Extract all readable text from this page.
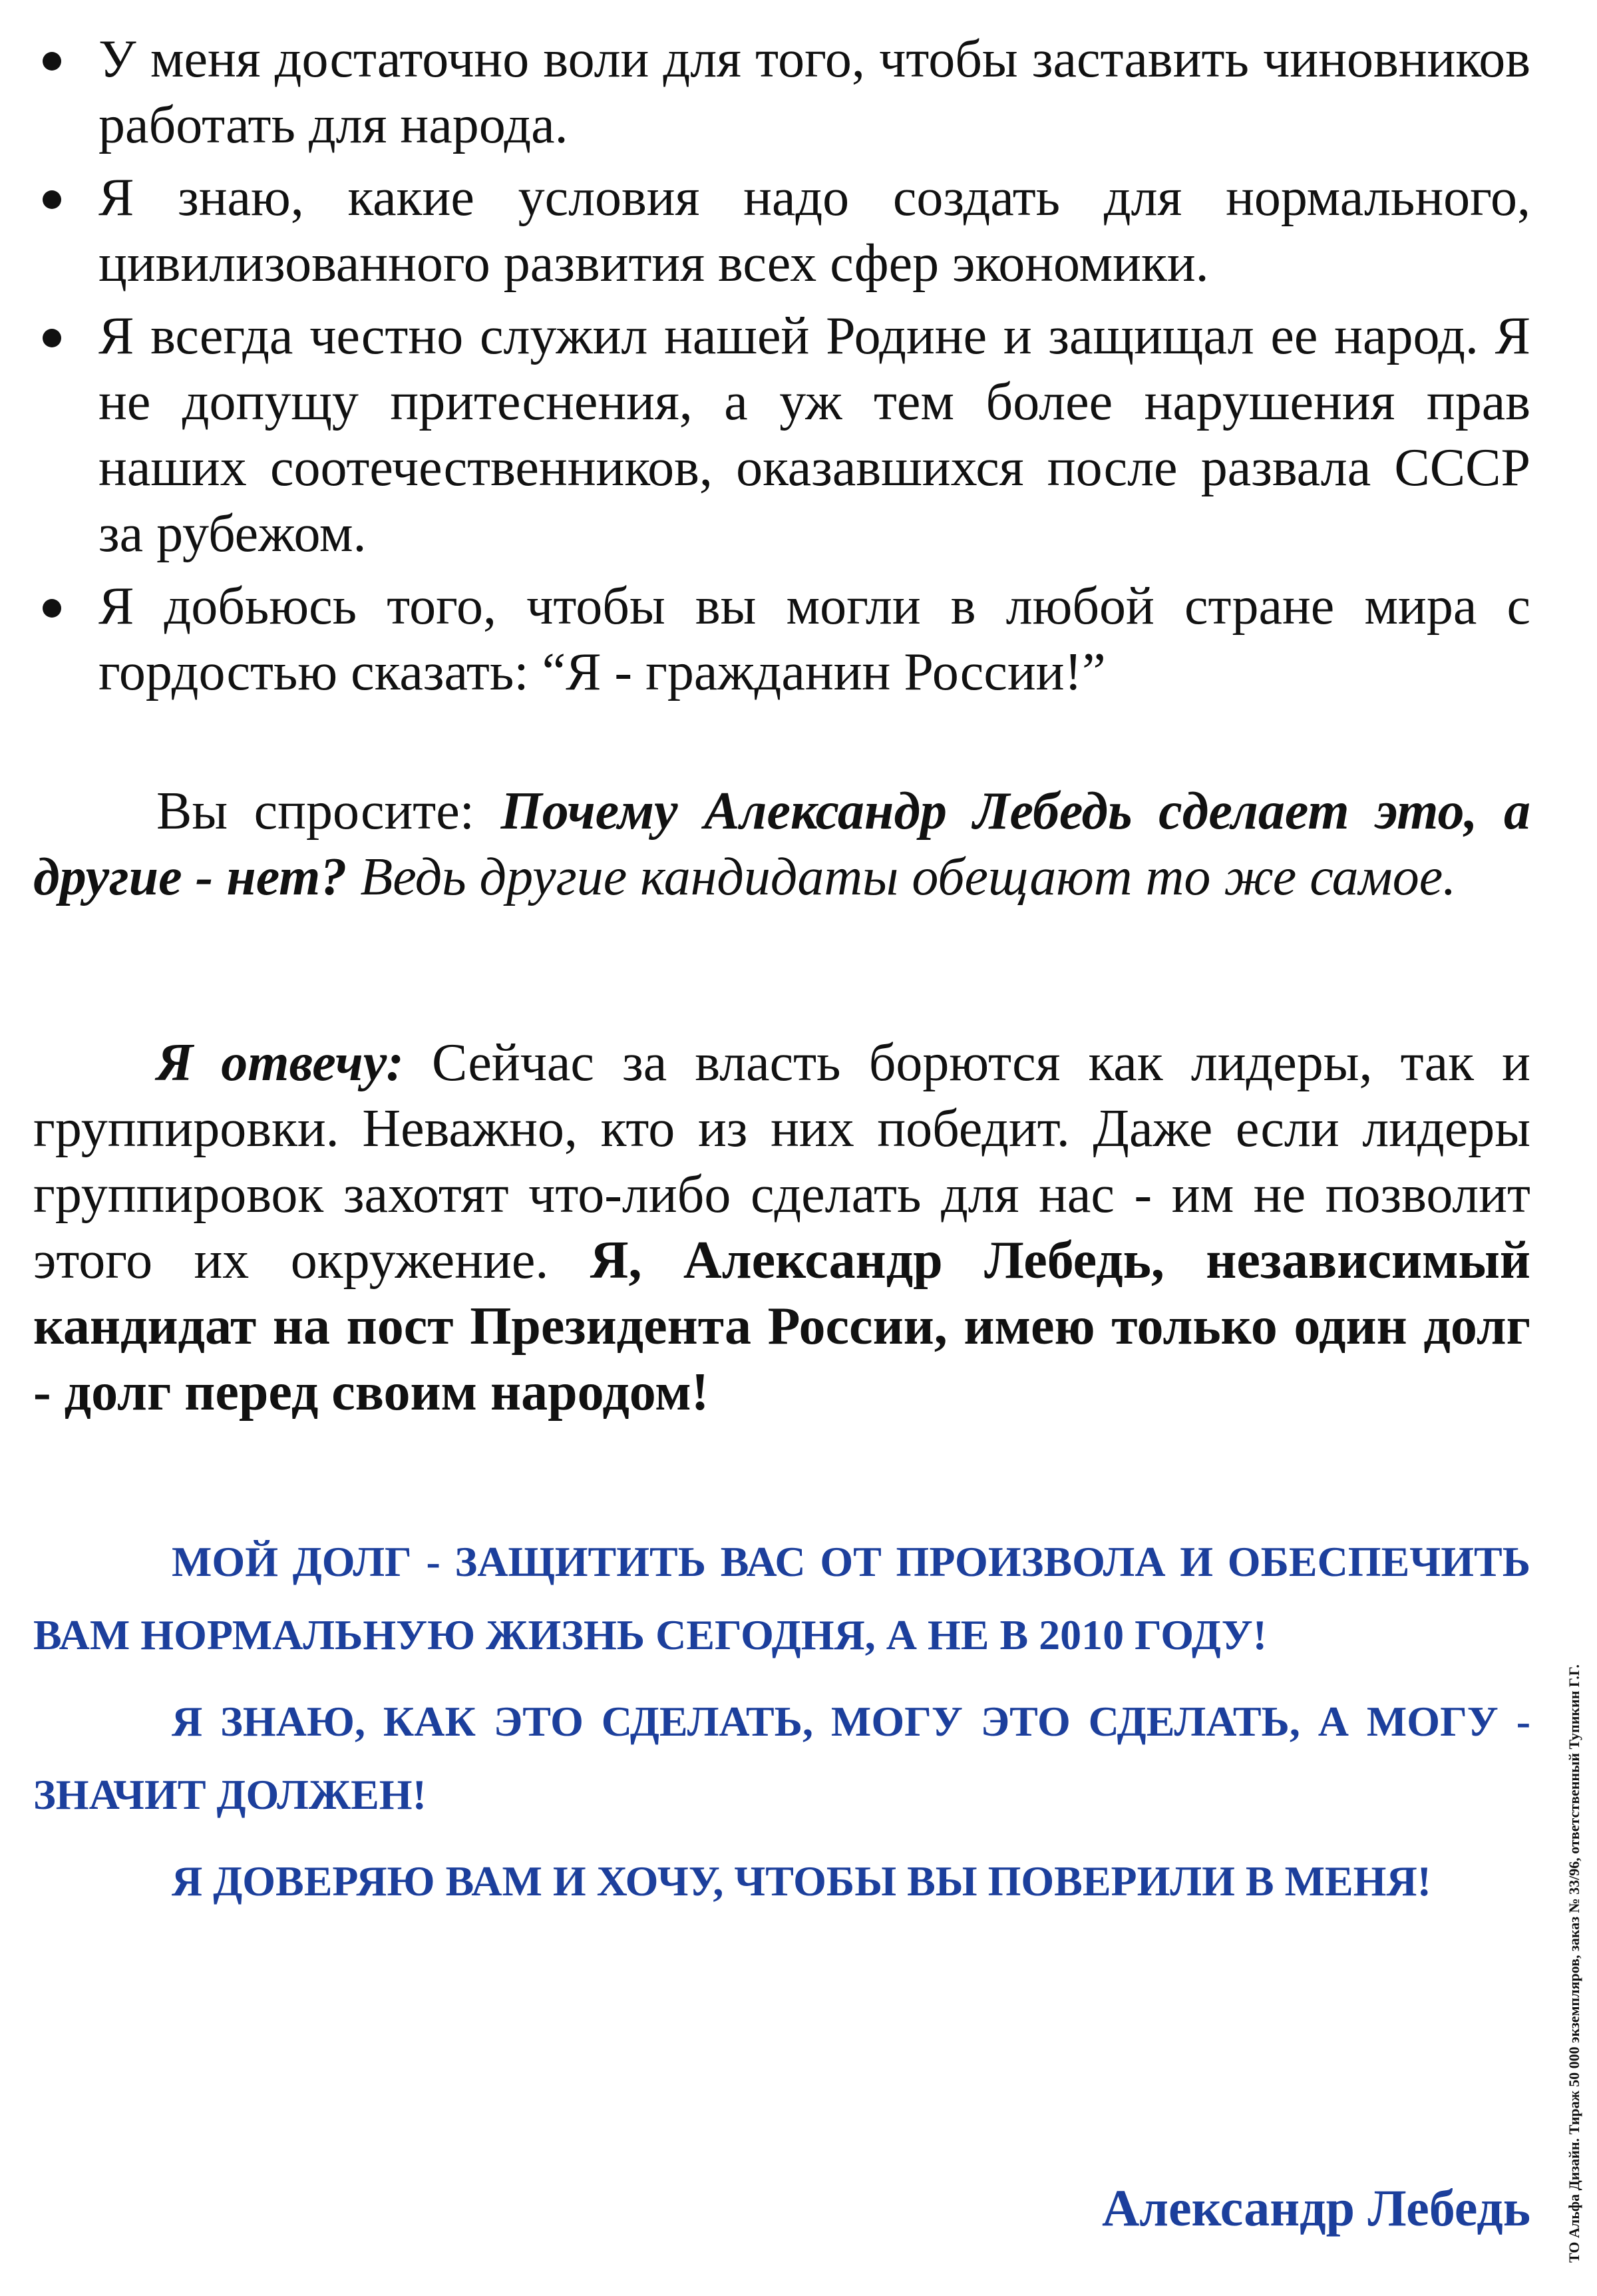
У меня достаточно воли для того, чтобы заставить чиновников работать для народа.
Я знаю, какие условия надо создать для нормального, цивилизованного развития всех сфер экономики.
Я всегда честно служил нашей Родине и защищал ее народ. Я не допущу притеснения, а уж тем более нарушения прав наших соотечественников, оказавшихся после развала СССР за рубежом.
Я добьюсь того, чтобы вы могли в любой стране мира с гордостью сказать: “Я - гражданин России!”

Вы спросите: Почему Александр Лебедь сделает это, а другие - нет? Ведь другие кандидаты обещают то же самое.

Я отвечу: Сейчас за власть борются как лидеры, так и группировки. Неважно, кто из них победит. Даже если лидеры группировок захотят что-либо сделать для нас - им не позволит этого их окружение. Я, Александр Лебедь, независимый кандидат на пост Президента России, имею только один долг - долг перед своим народом!

МОЙ ДОЛГ - ЗАЩИТИТЬ ВАС ОТ ПРОИЗВОЛА И ОБЕСПЕЧИТЬ ВАМ НОРМАЛЬНУЮ ЖИЗНЬ СЕГОДНЯ, А НЕ В 2010 ГОДУ!

Я ЗНАЮ, КАК ЭТО СДЕЛАТЬ, МОГУ ЭТО СДЕЛАТЬ, А МОГУ - ЗНАЧИТ ДОЛЖЕН!

Я ДОВЕРЯЮ ВАМ И ХОЧУ, ЧТОБЫ ВЫ ПОВЕРИЛИ В МЕНЯ!

Александр Лебедь ТО Альфа Дизайн. Тираж 50 000 экземпляров, заказ № 33/96, ответственный Тупикин Г.Г.
